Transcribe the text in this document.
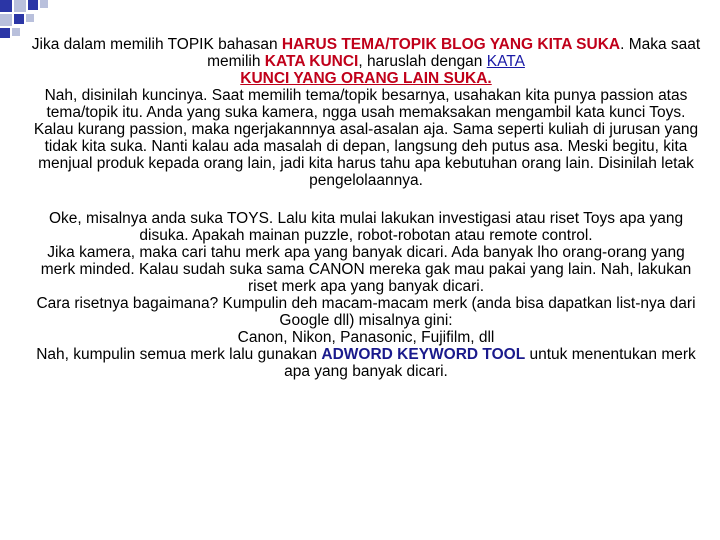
Jika dalam memilih TOPIK bahasan HARUS TEMA/TOPIK BLOG YANG KITA SUKA. Maka saat memilih KATA KUNCI, haruslah dengan KATA
KUNCI YANG ORANG LAIN SUKA.

Nah, disinilah kuncinya. Saat memilih tema/topik besarnya, usahakan kita punya passion atas tema/topik itu. Anda yang suka kamera, ngga usah memaksakan mengambil kata kunci Toys. Kalau kurang passion, maka ngerjakannnya asal-asalan aja. Sama seperti kuliah di jurusan yang tidak kita suka. Nanti kalau ada masalah di depan, langsung deh putus asa. Meski begitu, kita menjual produk kepada orang lain, jadi kita harus tahu apa kebutuhan orang lain. Disinilah letak pengelolaannya.

Oke, misalnya anda suka TOYS. Lalu kita mulai lakukan investigasi atau riset Toys apa yang disuka. Apakah mainan puzzle, robot-robotan atau remote control.

Jika kamera, maka cari tahu merk apa yang banyak dicari. Ada banyak lho orang-orang yang merk minded. Kalau sudah suka sama CANON mereka gak mau pakai yang lain. Nah, lakukan riset merk apa yang banyak dicari.

Cara risetnya bagaimana? Kumpulin deh macam-macam merk (anda bisa dapatkan list-nya dari Google dll) misalnya gini:

Canon, Nikon, Panasonic, Fujifilm, dll

Nah, kumpulin semua merk lalu gunakan ADWORD KEYWORD TOOL untuk menentukan merk apa yang banyak dicari.
